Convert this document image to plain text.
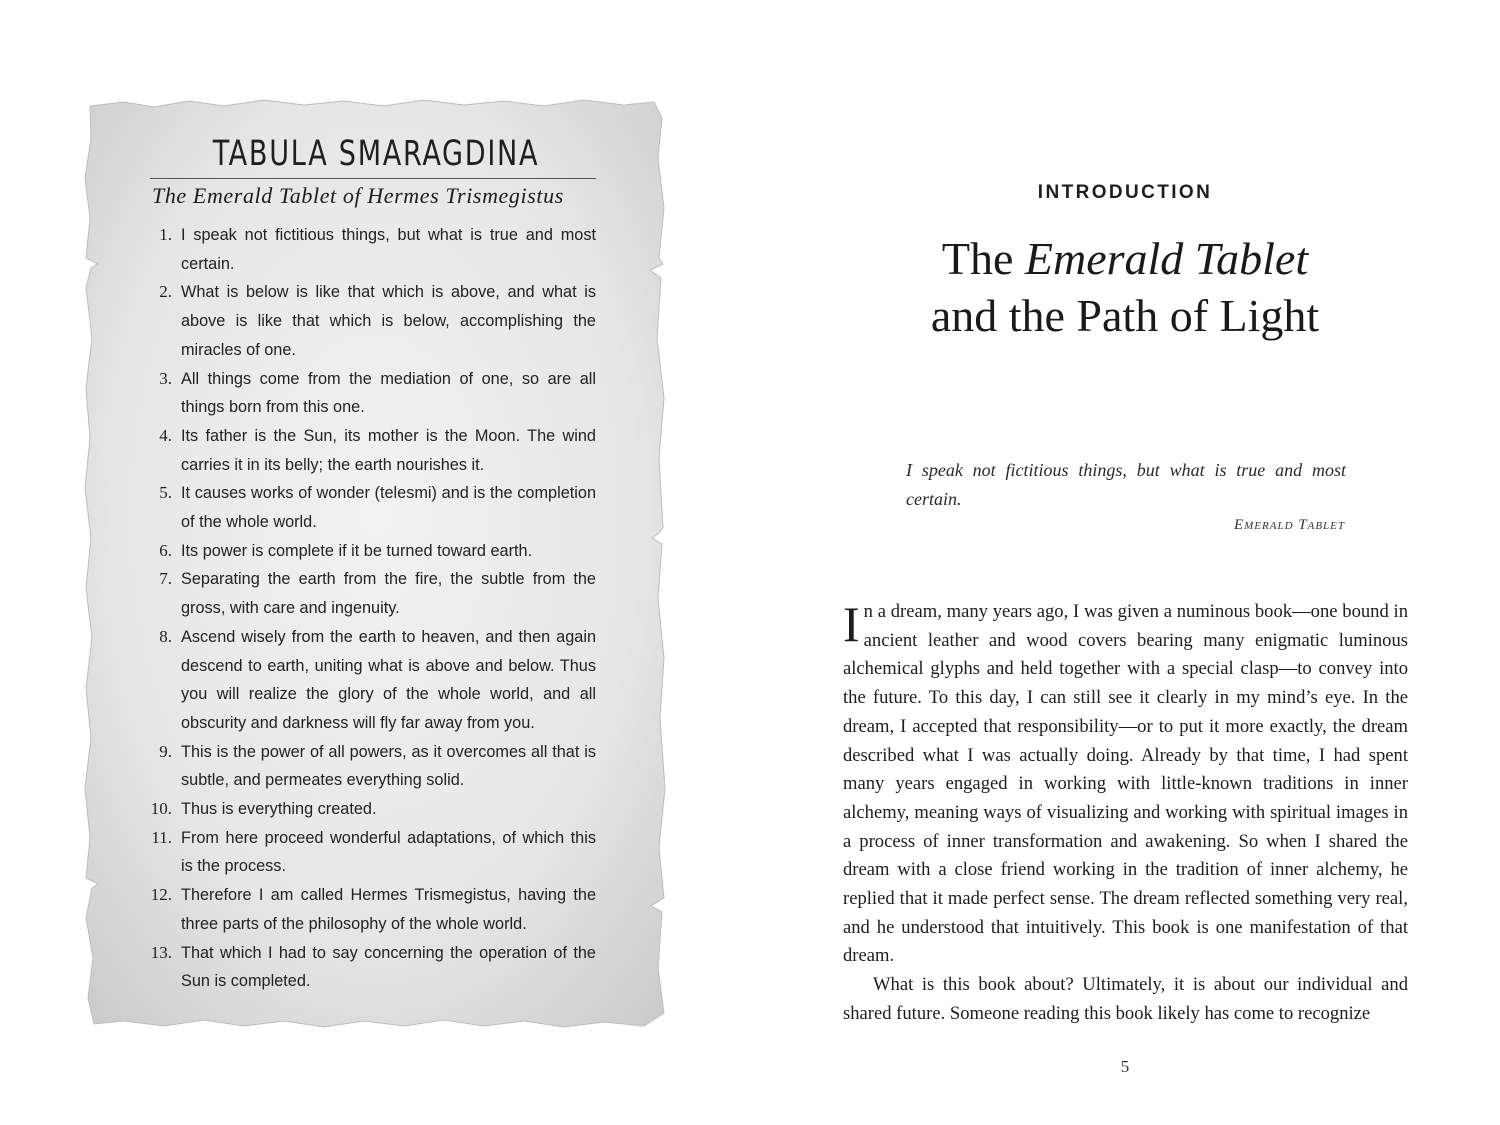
TABULA SMARAGDINA
The Emerald Tablet of Hermes Trismegistus
1. I speak not fictitious things, but what is true and most certain.
2. What is below is like that which is above, and what is above is like that which is below, accomplishing the miracles of one.
3. All things come from the mediation of one, so are all things born from this one.
4. Its father is the Sun, its mother is the Moon. The wind carries it in its belly; the earth nourishes it.
5. It causes works of wonder (telesmi) and is the completion of the whole world.
6. Its power is complete if it be turned toward earth.
7. Separating the earth from the fire, the subtle from the gross, with care and ingenuity.
8. Ascend wisely from the earth to heaven, and then again descend to earth, uniting what is above and below. Thus you will realize the glory of the whole world, and all obscurity and darkness will fly far away from you.
9. This is the power of all powers, as it overcomes all that is subtle, and permeates everything solid.
10. Thus is everything created.
11. From here proceed wonderful adaptations, of which this is the process.
12. Therefore I am called Hermes Trismegistus, having the three parts of the philosophy of the whole world.
13. That which I had to say concerning the operation of the Sun is completed.
INTRODUCTION
The Emerald Tablet
and the Path of Light
I speak not fictitious things, but what is true and most certain.
Emerald Tablet

In a dream, many years ago, I was given a numinous book—one bound in ancient leather and wood covers bearing many enigmatic luminous alchemical glyphs and held together with a special clasp—to convey into the future. To this day, I can still see it clearly in my mind’s eye. In the dream, I accepted that responsibility—or to put it more exactly, the dream described what I was actually doing. Already by that time, I had spent many years engaged in working with little-known traditions in inner alchemy, meaning ways of visualizing and working with spiritual images in a process of inner transformation and awakening. So when I shared the dream with a close friend working in the tradition of inner alchemy, he replied that it made perfect sense. The dream reflected something very real, and he understood that intuitively. This book is one manifestation of that dream.

What is this book about? Ultimately, it is about our individual and shared future. Someone reading this book likely has come to recognize

5
